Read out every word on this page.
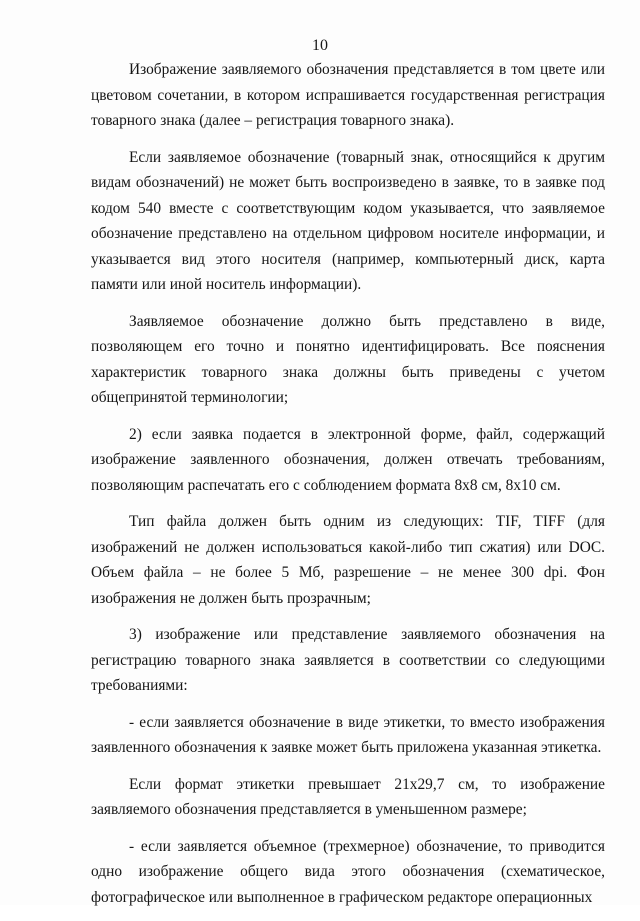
10

Изображение заявляемого обозначения представляется в том цвете или цветовом сочетании, в котором испрашивается государственная регистрация товарного знака (далее – регистрация товарного знака).

Если заявляемое обозначение (товарный знак, относящийся к другим видам обозначений) не может быть воспроизведено в заявке, то в заявке под кодом 540 вместе с соответствующим кодом указывается, что заявляемое обозначение представлено на отдельном цифровом носителе информации, и указывается вид этого носителя (например, компьютерный диск, карта памяти или иной носитель информации).

Заявляемое обозначение должно быть представлено в виде, позволяющем его точно и понятно идентифицировать. Все пояснения характеристик товарного знака должны быть приведены с учетом общепринятой терминологии;

2) если заявка подается в электронной форме, файл, содержащий изображение заявленного обозначения, должен отвечать требованиям, позволяющим распечатать его с соблюдением формата 8х8 см, 8х10 см.

Тип файла должен быть одним из следующих: TIF, TIFF (для изображений не должен использоваться какой-либо тип сжатия) или DOC. Объем файла – не более 5 Мб, разрешение – не менее 300 dpi. Фон изображения не должен быть прозрачным;

3) изображение или представление заявляемого обозначения на регистрацию товарного знака заявляется в соответствии со следующими требованиями:

- если заявляется обозначение в виде этикетки, то вместо изображения заявленного обозначения к заявке может быть приложена указанная этикетка.

Если формат этикетки превышает 21х29,7 см, то изображение заявляемого обозначения представляется в уменьшенном размере;

- если заявляется объемное (трехмерное) обозначение, то приводится одно изображение общего вида этого обозначения (схематическое, фотографическое или выполненное в графическом редакторе операционных
